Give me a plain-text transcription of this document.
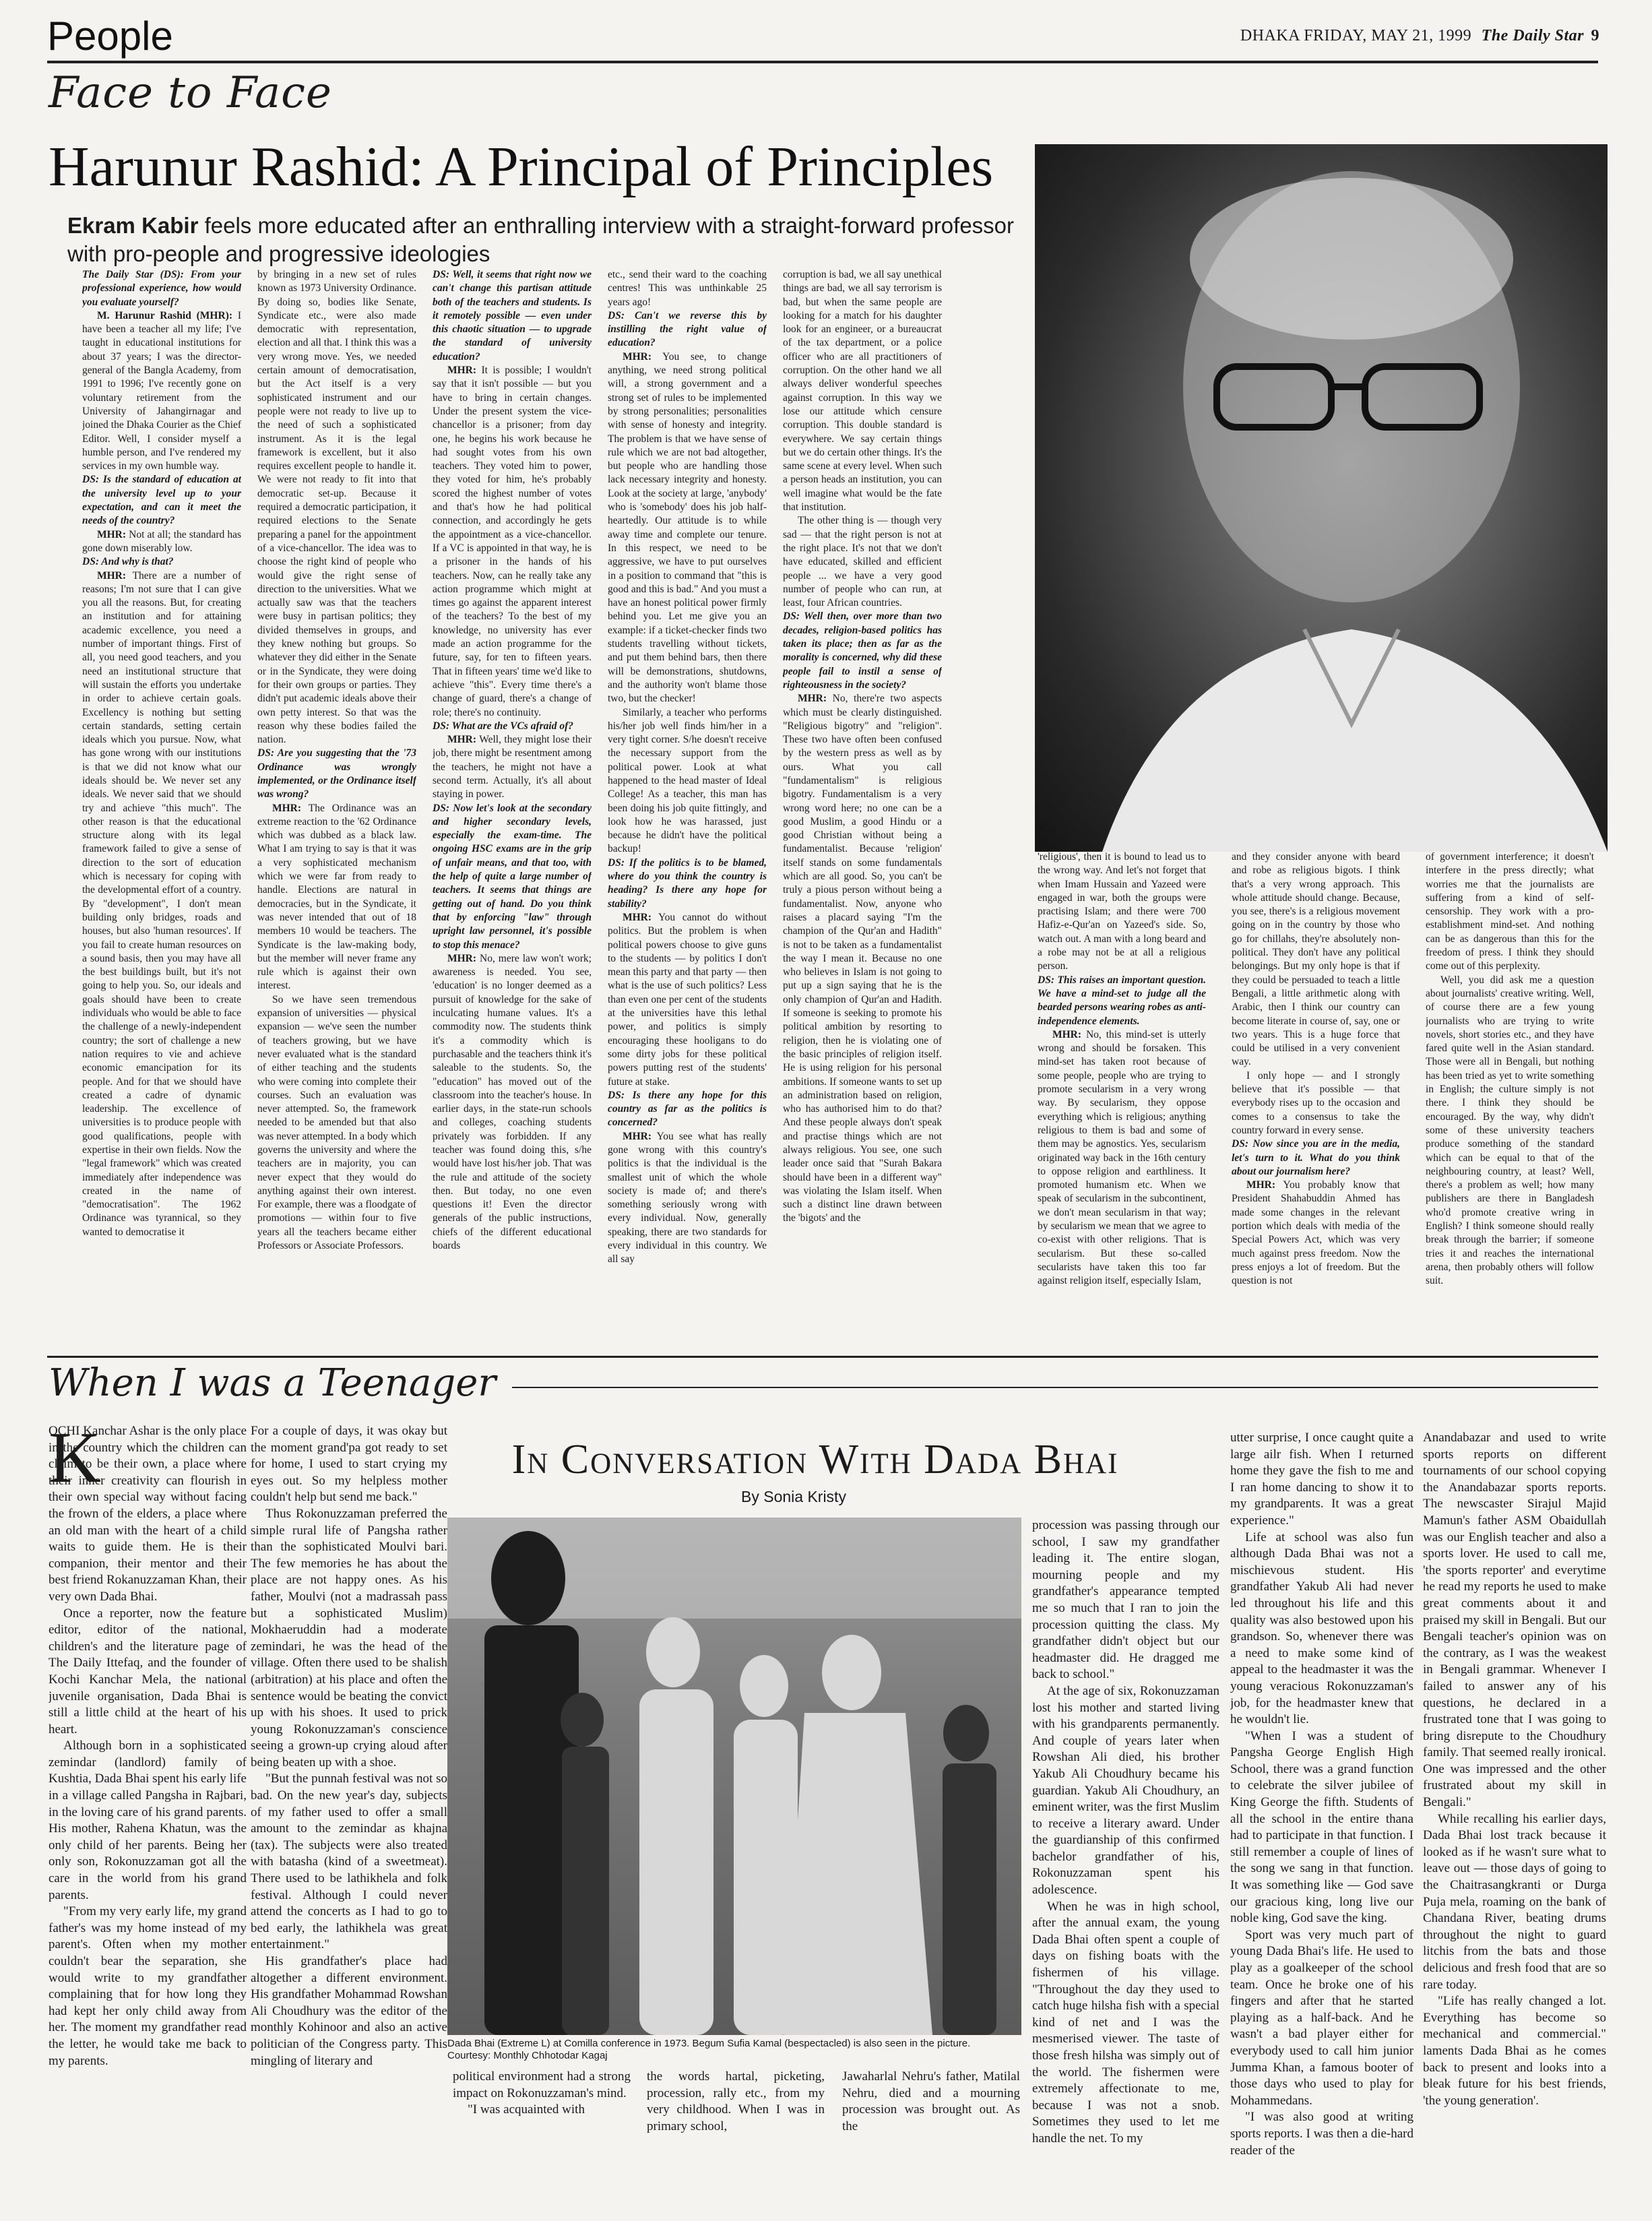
People	DHAKA FRIDAY, MAY 21, 1999 The Daily Star 9
Face to Face
Harunur Rashid: A Principal of Principles
Ekram Kabir feels more educated after an enthralling interview with a straight-forward professor with pro-people and progressive ideologies

The Daily Star (DS): From your professional experience, how would you evaluate yourself?

M. Harunur Rashid (MHR): I have been a teacher all my life; I've taught in educational institutions for about 37 years; I was the director-general of the Bangla Academy, from 1991 to 1996; I've recently gone on voluntary retirement from the University of Jahangirnagar and joined the Dhaka Courier as the Chief Editor. Well, I consider myself a humble person, and I've rendered my services in my own humble way.

DS: Is the standard of education at the university level up to your expectation, and can it meet the needs of the country?

MHR: Not at all; the standard has gone down miserably low.

DS: And why is that?

MHR: There are a number of reasons; I'm not sure that I can give you all the reasons. But, for creating an institution and for attaining academic excellence, you need a number of important things. First of all, you need good teachers, and you need an institutional structure that will sustain the efforts you undertake in order to achieve certain goals. Excellency is nothing but setting certain standards, setting certain ideals which you pursue. Now, what has gone wrong with our institutions is that we did not know what our ideals should be. We never set any ideals. We never said that we should try and achieve "this much". The other reason is that the educational structure along with its legal framework failed to give a sense of direction to the sort of education which is necessary for coping with the developmental effort of a country. By "development", I don't mean building only bridges, roads and houses, but also 'human resources'. If you fail to create human resources on a sound basis, then you may have all the best buildings built, but it's not going to help you. So, our ideals and goals should have been to create individuals who would be able to face the challenge of a newly-independent country; the sort of challenge a new nation requires to vie and achieve economic emancipation for its people. And for that we should have created a cadre of dynamic leadership. The excellence of universities is to produce people with good qualifications, people with expertise in their own fields. Now the "legal framework" which was created immediately after independence was created in the name of "democratisation". The 1962 Ordinance was tyrannical, so they wanted to democratise it

by bringing in a new set of rules known as 1973 University Ordinance. By doing so, bodies like Senate, Syndicate etc., were also made democratic with representation, election and all that. I think this was a very wrong move. Yes, we needed certain amount of democratisation, but the Act itself is a very sophisticated instrument and our people were not ready to live up to the need of such a sophisticated instrument. As it is the legal framework is excellent, but it also requires excellent people to handle it. We were not ready to fit into that democratic set-up. Because it required a democratic participation, it required elections to the Senate preparing a panel for the appointment of a vice-chancellor. The idea was to choose the right kind of people who would give the right sense of direction to the universities. What we actually saw was that the teachers were busy in partisan politics; they divided themselves in groups, and they knew nothing but groups. So whatever they did either in the Senate or in the Syndicate, they were doing for their own groups or parties. They didn't put academic ideals above their own petty interest. So that was the reason why these bodies failed the nation.

DS: Are you suggesting that the '73 Ordinance was wrongly implemented, or the Ordinance itself was wrong?

MHR: The Ordinance was an extreme reaction to the '62 Ordinance which was dubbed as a black law. What I am trying to say is that it was a very sophisticated mechanism which we were far from ready to handle. Elections are natural in democracies, but in the Syndicate, it was never intended that out of 18 members 10 would be teachers. The Syndicate is the law-making body, but the member will never frame any rule which is against their own interest.

So we have seen tremendous expansion of universities — physical expansion — we've seen the number of teachers growing, but we have never evaluated what is the standard of either teaching and the students who were coming into complete their courses. Such an evaluation was never attempted. So, the framework needed to be amended but that also was never attempted. In a body which governs the university and where the teachers are in majority, you can never expect that they would do anything against their own interest. For example, there was a floodgate of promotions — within four to five years all the teachers became either Professors or Associate Professors.

DS: Well, it seems that right now we can't change this partisan attitude both of the teachers and students. Is it remotely possible — even under this chaotic situation — to upgrade the standard of university education?

MHR: It is possible; I wouldn't say that it isn't possible — but you have to bring in certain changes. Under the present system the vice-chancellor is a prisoner; from day one, he begins his work because he had sought votes from his own teachers. They voted him to power, they voted for him, he's probably scored the highest number of votes and that's how he had political connection, and accordingly he gets the appointment as a vice-chancellor. If a VC is appointed in that way, he is a prisoner in the hands of his teachers. Now, can he really take any action programme which might at times go against the apparent interest of the teachers? To the best of my knowledge, no university has ever made an action programme for the future, say, for ten to fifteen years. That in fifteen years' time we'd like to achieve "this". Every time there's a change of guard, there's a change of role; there's no continuity.

DS: What are the VCs afraid of?

MHR: Well, they might lose their job, there might be resentment among the teachers, he might not have a second term. Actually, it's all about staying in power.

DS: Now let's look at the secondary and higher secondary levels, especially the exam-time. The ongoing HSC exams are in the grip of unfair means, and that too, with the help of quite a large number of teachers. It seems that things are getting out of hand. Do you think that by enforcing "law" through upright law personnel, it's possible to stop this menace?

MHR: No, mere law won't work; awareness is needed. You see, 'education' is no longer deemed as a pursuit of knowledge for the sake of inculcating humane values. It's a commodity now. The students think it's a commodity which is purchasable and the teachers think it's saleable to the students. So, the "education" has moved out of the classroom into the teacher's house. In earlier days, in the state-run schools and colleges, coaching students privately was forbidden. If any teacher was found doing this, s/he would have lost his/her job. That was the rule and attitude of the society then. But today, no one even questions it! Even the director generals of the public instructions, chiefs of the different educational boards

etc., send their ward to the coaching centres! This was unthinkable 25 years ago!

DS: Can't we reverse this by instilling the right value of education?

MHR: You see, to change anything, we need strong political will, a strong government and a strong set of rules to be implemented by strong personalities; personalities with sense of honesty and integrity. The problem is that we have sense of rule which we are not bad altogether, but people who are handling those lack necessary integrity and honesty. Look at the society at large, 'anybody' who is 'somebody' does his job half-heartedly. Our attitude is to while away time and complete our tenure. In this respect, we need to be aggressive, we have to put ourselves in a position to command that "this is good and this is bad." And you must a have an honest political power firmly behind you. Let me give you an example: if a ticket-checker finds two students travelling without tickets, and put them behind bars, then there will be demonstrations, shutdowns, and the authority won't blame those two, but the checker!

Similarly, a teacher who performs his/her job well finds him/her in a very tight corner. S/he doesn't receive the necessary support from the political power. Look at what happened to the head master of Ideal College! As a teacher, this man has been doing his job quite fittingly, and look how he was harassed, just because he didn't have the political backup!

DS: If the politics is to be blamed, where do you think the country is heading? Is there any hope for stability?

MHR: You cannot do without politics. But the problem is when political powers choose to give guns to the students — by politics I don't mean this party and that party — then what is the use of such politics? Less than even one per cent of the students at the universities have this lethal power, and politics is simply encouraging these hooligans to do some dirty jobs for these political powers putting rest of the students' future at stake.

DS: Is there any hope for this country as far as the politics is concerned?

MHR: You see what has really gone wrong with this country's politics is that the individual is the smallest unit of which the whole society is made of; and there's something seriously wrong with every individual. Now, generally speaking, there are two standards for every individual in this country. We all say

corruption is bad, we all say unethical things are bad, we all say terrorism is bad, but when the same people are looking for a match for his daughter look for an engineer, or a bureaucrat of the tax department, or a police officer who are all practitioners of corruption. On the other hand we all always deliver wonderful speeches against corruption. In this way we lose our attitude which censure corruption. This double standard is everywhere. We say certain things but we do certain other things. It's the same scene at every level. When such a person heads an institution, you can well imagine what would be the fate that institution.

The other thing is — though very sad — that the right person is not at the right place. It's not that we don't have educated, skilled and efficient people ... we have a very good number of people who can run, at least, four African countries.

DS: Well then, over more than two decades, religion-based politics has taken its place; then as far as the morality is concerned, why did these people fail to instil a sense of righteousness in the society?

MHR: No, there're two aspects which must be clearly distinguished. "Religious bigotry" and "religion". These two have often been confused by the western press as well as by ours. What you call "fundamentalism" is religious bigotry. Fundamentalism is a very wrong word here; no one can be a good Muslim, a good Hindu or a good Christian without being a fundamentalist. Because 'religion' itself stands on some fundamentals which are all good. So, you can't be truly a pious person without being a fundamentalist. Now, anyone who raises a placard saying "I'm the champion of the Qur'an and Hadith" is not to be taken as a fundamentalist the way I mean it. Because no one who believes in Islam is not going to put up a sign saying that he is the only champion of Qur'an and Hadith. If someone is seeking to promote his political ambition by resorting to religion, then he is violating one of the basic principles of religion itself. He is using religion for his personal ambitions. If someone wants to set up an administration based on religion, who has authorised him to do that? And these people always don't speak and practise things which are not always religious. You see, one such leader once said that "Surah Bakara should have been in a different way" was violating the Islam itself. When such a distinct line drawn between the 'bigots' and the

'religious', then it is bound to lead us to the wrong way. And let's not forget that when Imam Hussain and Yazeed were engaged in war, both the groups were practising Islam; and there were 700 Hafiz-e-Qur'an on Yazeed's side. So, watch out. A man with a long beard and a robe may not be at all a religious person.

DS: This raises an important question. We have a mind-set to judge all the bearded persons wearing robes as anti-independence elements.

MHR: No, this mind-set is utterly wrong and should be forsaken. This mind-set has taken root because of some people, people who are trying to promote secularism in a very wrong way. By secularism, they oppose everything which is religious; anything religious to them is bad and some of them may be agnostics. Yes, secularism originated way back in the 16th century to oppose religion and earthliness. It promoted humanism etc. When we speak of secularism in the subcontinent, we don't mean secularism in that way; by secularism we mean that we agree to co-exist with other religions. That is secularism. But these so-called secularists have taken this too far against religion itself, especially Islam,

and they consider anyone with beard and robe as religious bigots. I think that's a very wrong approach. This whole attitude should change. Because, you see, there's is a religious movement going on in the country by those who go for chillahs, they're absolutely non-political. They don't have any political belongings. But my only hope is that if they could be persuaded to teach a little Bengali, a little arithmetic along with Arabic, then I think our country can become literate in course of, say, one or two years. This is a huge force that could be utilised in a very convenient way.

I only hope — and I strongly believe that it's possible — that everybody rises up to the occasion and comes to a consensus to take the country forward in every sense.

DS: Now since you are in the media, let's turn to it. What do you think about our journalism here?

MHR: You probably know that President Shahabuddin Ahmed has made some changes in the relevant portion which deals with media of the Special Powers Act, which was very much against press freedom. Now the press enjoys a lot of freedom. But the question is not

of government interference; it doesn't interfere in the press directly; what worries me that the journalists are suffering from a kind of self-censorship. They work with a pro-establishment mind-set. And nothing can be as dangerous than this for the freedom of press. I think they should come out of this perplexity.

Well, you did ask me a question about journalists' creative writing. Well, of course there are a few young journalists who are trying to write novels, short stories etc., and they have fared quite well in the Asian standard. Those were all in Bengali, but nothing has been tried as yet to write something in English; the culture simply is not there. I think they should be encouraged. By the way, why didn't some of these university teachers produce something of the standard which can be equal to that of the neighbouring country, at least? Well, there's a problem as well; how many publishers are there in Bangladesh who'd promote creative wring in English? I think someone should really break through the barrier; if someone tries it and reaches the international arena, then probably others will follow suit.

When I was a Teenager
K

OCHI Kanchar Ashar is the only place in the country which the children can claim to be their own, a place where their inner creativity can flourish in their own special way without facing the frown of the elders, a place where an old man with the heart of a child waits to guide them. He is their companion, their mentor and their best friend Rokanuzzaman Khan, their very own Dada Bhai.

Once a reporter, now the feature editor, editor of the national, children's and the literature page of The Daily Ittefaq, and the founder of Kochi Kanchar Mela, the national juvenile organisation, Dada Bhai is still a little child at the heart of his heart.

Although born in a sophisticated zemindar (landlord) family of Kushtia, Dada Bhai spent his early life in a village called Pangsha in Rajbari, in the loving care of his grand parents. His mother, Rahena Khatun, was the only child of her parents. Being her only son, Rokonuzzaman got all the care in the world from his grand parents.

"From my very early life, my grand father's was my home instead of my parent's. Often when my mother couldn't bear the separation, she would write to my grandfather complaining that for how long they had kept her only child away from her. The moment my grandfather read the letter, he would take me back to my parents.

For a couple of days, it was okay but the moment grand'pa got ready to set for home, I used to start crying my eyes out. So my helpless mother couldn't help but send me back."

Thus Rokonuzzaman preferred the simple rural life of Pangsha rather than the sophisticated Moulvi bari. The few memories he has about the place are not happy ones. As his father, Moulvi (not a madrassah pass but a sophisticated Muslim) Mokhaeruddin had a moderate zemindari, he was the head of the village. Often there used to be shalish (arbitration) at his place and often the sentence would be beating the convict up with his shoes. It used to prick young Rokonuzzaman's conscience seeing a grown-up crying aloud after being beaten up with a shoe.

"But the punnah festival was not so bad. On the new year's day, subjects of my father used to offer a small amount to the zemindar as khajna (tax). The subjects were also treated with batasha (kind of a sweetmeat). There used to be lathikhela and folk festival. Although I could never attend the concerts as I had to go to bed early, the lathikhela was great entertainment."

His grandfather's place had altogether a different environment. His grandfather Mohammad Rowshan Ali Choudhury was the editor of the monthly Kohinoor and also an active politician of the Congress party. This mingling of literary and

In Conversation With Dada Bhai
By Sonia Kristy
Dada Bhai (Extreme L) at Comilla conference in 1973. Begum Sufia Kamal (bespectacled) is also seen in the picture.
Courtesy: Monthly Chhotodar Kagaj

political environment had a strong impact on Rokonuzzaman's mind.

"I was acquainted with

the words hartal, picketing, procession, rally etc., from my very childhood. When I was in primary school,

Jawaharlal Nehru's father, Matilal Nehru, died and a mourning procession was brought out. As the

procession was passing through our school, I saw my grandfather leading it. The entire slogan, mourning people and my grandfather's appearance tempted me so much that I ran to join the procession quitting the class. My grandfather didn't object but our headmaster did. He dragged me back to school."

At the age of six, Rokonuzzaman lost his mother and started living with his grandparents permanently. And couple of years later when Rowshan Ali died, his brother Yakub Ali Choudhury became his guardian. Yakub Ali Choudhury, an eminent writer, was the first Muslim to receive a literary award. Under the guardianship of this confirmed bachelor grandfather of his, Rokonuzzaman spent his adolescence.

When he was in high school, after the annual exam, the young Dada Bhai often spent a couple of days on fishing boats with the fishermen of his village. "Throughout the day they used to catch huge hilsha fish with a special kind of net and I was the mesmerised viewer. The taste of those fresh hilsha was simply out of the world. The fishermen were extremely affectionate to me, because I was not a snob. Sometimes they used to let me handle the net. To my

utter surprise, I once caught quite a large ailr fish. When I returned home they gave the fish to me and I ran home dancing to show it to my grandparents. It was a great experience."

Life at school was also fun although Dada Bhai was not a mischievous student. His grandfather Yakub Ali had never led throughout his life and this quality was also bestowed upon his grandson. So, whenever there was a need to make some kind of appeal to the headmaster it was the young veracious Rokonuzzaman's job, for the headmaster knew that he wouldn't lie.

"When I was a student of Pangsha George English High School, there was a grand function to celebrate the silver jubilee of King George the fifth. Students of all the school in the entire thana had to participate in that function. I still remember a couple of lines of the song we sang in that function. It was something like — God save our gracious king, long live our noble king, God save the king.

Sport was very much part of young Dada Bhai's life. He used to play as a goalkeeper of the school team. Once he broke one of his fingers and after that he started playing as a half-back. And he wasn't a bad player either for everybody used to call him junior Jumma Khan, a famous booter of those days who used to play for Mohammedans.

"I was also good at writing sports reports. I was then a die-hard reader of the

Anandabazar and used to write sports reports on different tournaments of our school copying the Anandabazar sports reports. The newscaster Sirajul Majid Mamun's father ASM Obaidullah was our English teacher and also a sports lover. He used to call me, 'the sports reporter' and everytime he read my reports he used to make great comments about it and praised my skill in Bengali. But our Bengali teacher's opinion was on the contrary, as I was the weakest in Bengali grammar. Whenever I failed to answer any of his questions, he declared in a frustrated tone that I was going to bring disrepute to the Choudhury family. That seemed really ironical. One was impressed and the other frustrated about my skill in Bengali."

While recalling his earlier days, Dada Bhai lost track because it looked as if he wasn't sure what to leave out — those days of going to the Chaitrasangkranti or Durga Puja mela, roaming on the bank of Chandana River, beating drums throughout the night to guard litchis from the bats and those delicious and fresh food that are so rare today.

"Life has really changed a lot. Everything has become so mechanical and commercial." laments Dada Bhai as he comes back to present and looks into a bleak future for his best friends, 'the young generation'.
